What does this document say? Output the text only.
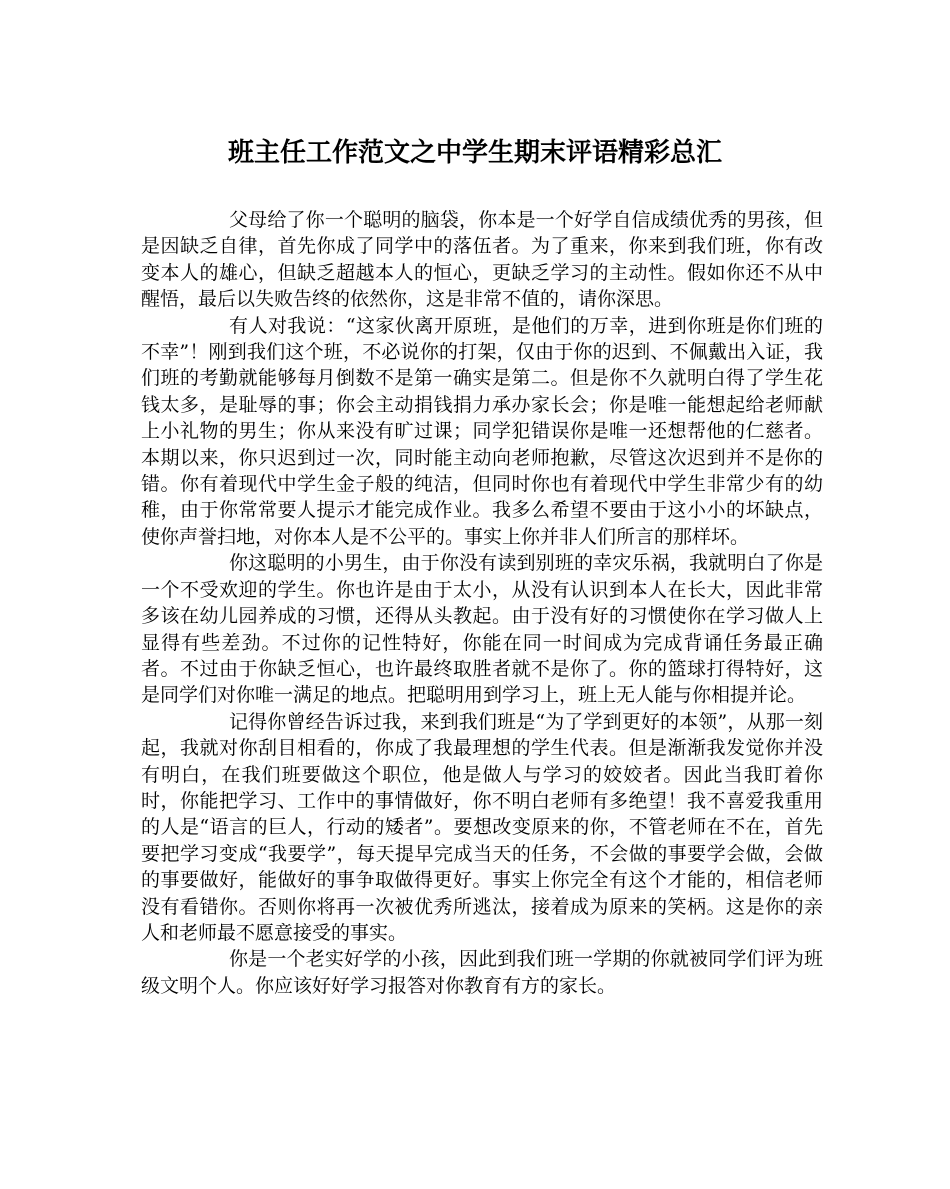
班主任工作范文之中学生期末评语精彩总汇

父母给了你一个聪明的脑袋，你本是一个好学自信成绩优秀的男孩，但是因缺乏自律，首先你成了同学中的落伍者。为了重来，你来到我们班，你有改变本人的雄心，但缺乏超越本人的恒心，更缺乏学习的主动性。假如你还不从中醒悟，最后以失败告终的依然你，这是非常不值的，请你深思。

有人对我说：“这家伙离开原班，是他们的万幸，进到你班是你们班的不幸”！刚到我们这个班，不必说你的打架，仅由于你的迟到、不佩戴出入证，我们班的考勤就能够每月倒数不是第一确实是第二。但是你不久就明白得了学生花钱太多，是耻辱的事；你会主动捐钱捐力承办家长会；你是唯一能想起给老师献上小礼物的男生；你从来没有旷过课；同学犯错误你是唯一还想帮他的仁慈者。本期以来，你只迟到过一次，同时能主动向老师抱歉，尽管这次迟到并不是你的错。你有着现代中学生金子般的纯洁，但同时你也有着现代中学生非常少有的幼稚，由于你常常要人提示才能完成作业。我多么希望不要由于这小小的坏缺点，使你声誉扫地，对你本人是不公平的。事实上你并非人们所言的那样坏。

你这聪明的小男生，由于你没有读到别班的幸灾乐祸，我就明白了你是一个不受欢迎的学生。你也许是由于太小，从没有认识到本人在长大，因此非常多该在幼儿园养成的习惯，还得从头教起。由于没有好的习惯使你在学习做人上显得有些差劲。不过你的记性特好，你能在同一时间成为完成背诵任务最正确者。不过由于你缺乏恒心，也许最终取胜者就不是你了。你的篮球打得特好，这是同学们对你唯一满足的地点。把聪明用到学习上，班上无人能与你相提并论。

记得你曾经告诉过我，来到我们班是“为了学到更好的本领”，从那一刻起，我就对你刮目相看的，你成了我最理想的学生代表。但是渐渐我发觉你并没有明白，在我们班要做这个职位，他是做人与学习的姣姣者。因此当我盯着你时，你能把学习、工作中的事情做好，你不明白老师有多绝望！我不喜爱我重用的人是“语言的巨人，行动的矮者”。要想改变原来的你，不管老师在不在，首先要把学习变成“我要学”，每天提早完成当天的任务，不会做的事要学会做，会做的事要做好，能做好的事争取做得更好。事实上你完全有这个才能的，相信老师没有看错你。否则你将再一次被优秀所逃汰，接着成为原来的笑柄。这是你的亲人和老师最不愿意接受的事实。

你是一个老实好学的小孩，因此到我们班一学期的你就被同学们评为班级文明个人。你应该好好学习报答对你教育有方的家长。
